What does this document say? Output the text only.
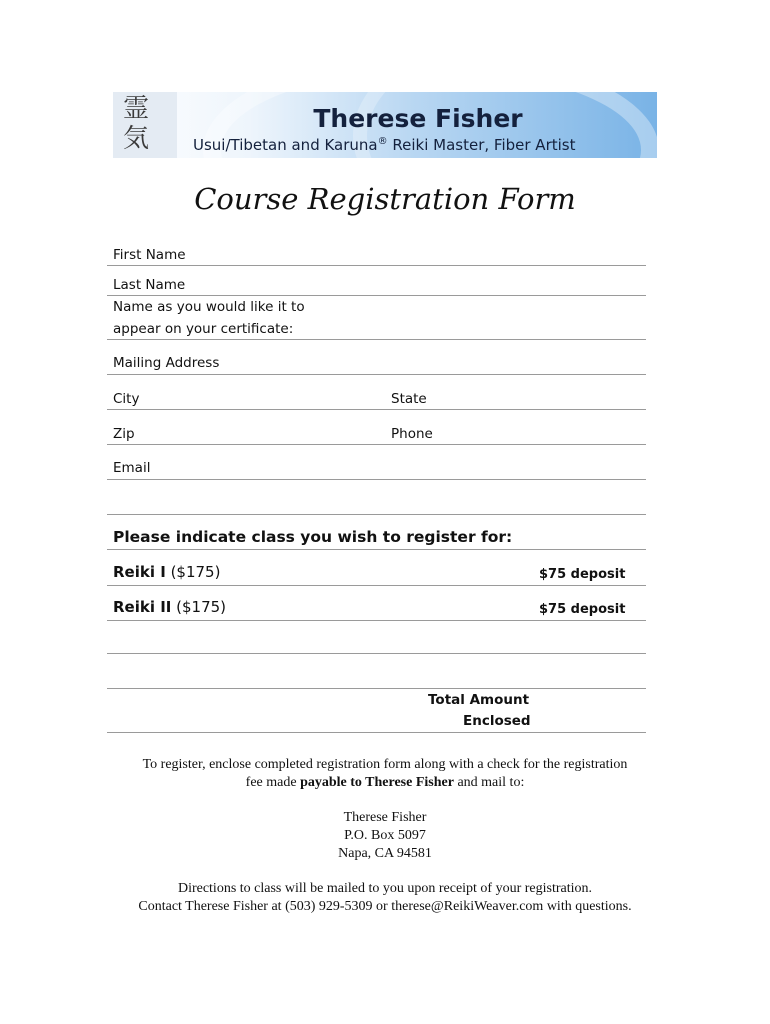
霊
気
Therese Fisher
Usui/Tibetan and Karuna® Reiki Master, Fiber Artist
Course Registration Form
First Name
Last Name
Name as you would like it to
appear on your certificate:
Mailing Address
City	State
Zip	Phone
Email
Please indicate class you wish to register for:
Reiki I ($175)	$75 deposit
Reiki II ($175)	$75 deposit
Total Amount
Enclosed
To register, enclose completed registration form along with a check for the registration
fee made payable to Therese Fisher and mail to:
Therese Fisher
P.O. Box 5097
Napa, CA 94581
Directions to class will be mailed to you upon receipt of your registration.
Contact Therese Fisher at (503) 929-5309 or therese@ReikiWeaver.com with questions.
